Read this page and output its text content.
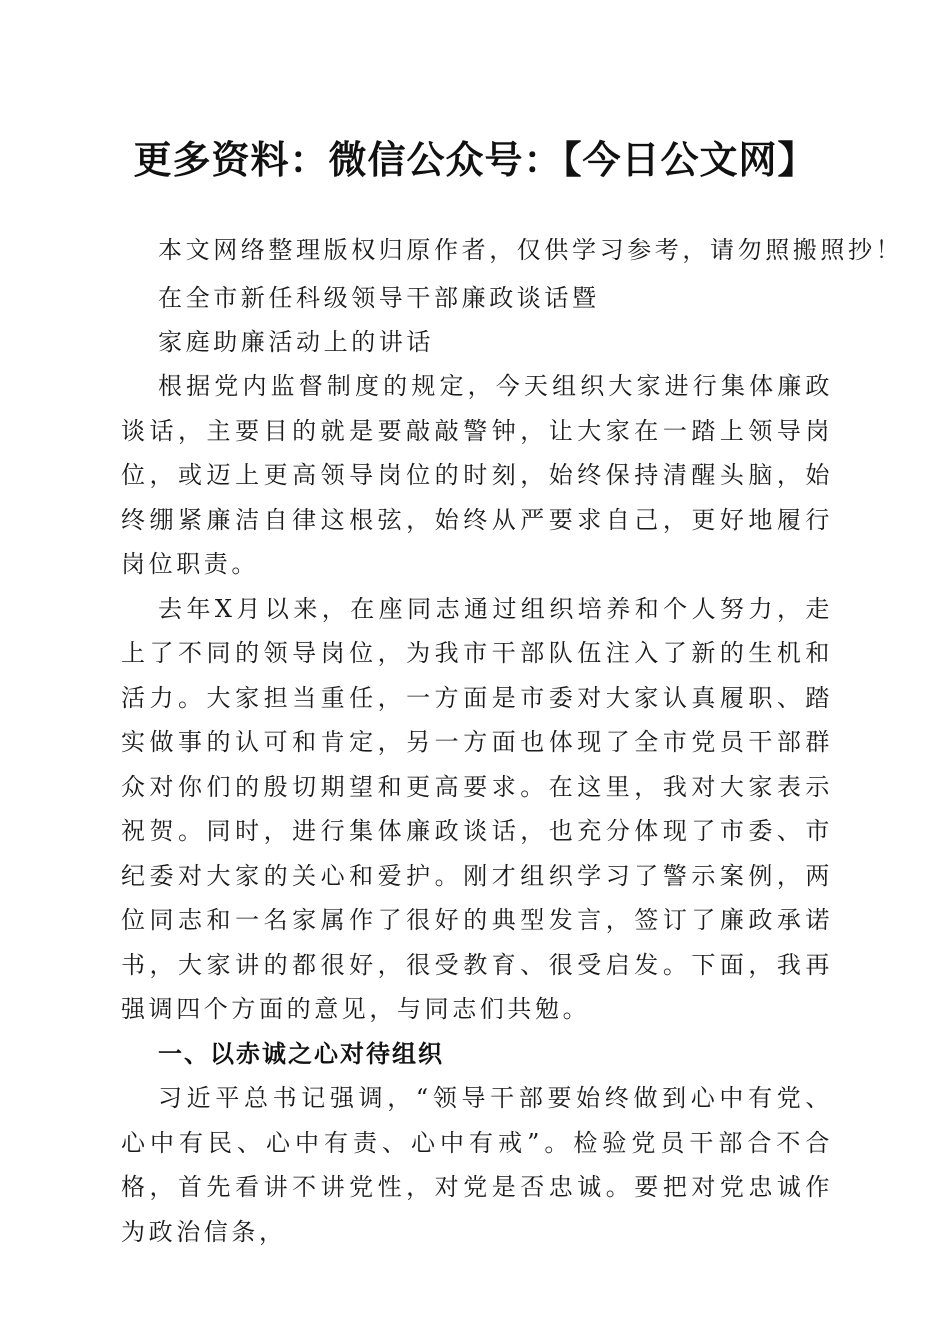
更多资料：微信公众号：【今日公文网】
本文网络整理版权归原作者，仅供学习参考，请勿照搬照抄！
在全市新任科级领导干部廉政谈话暨
家庭助廉活动上的讲话

根据党内监督制度的规定，今天组织大家进行集体廉政谈话，主要目的就是要敲敲警钟，让大家在一踏上领导岗位，或迈上更高领导岗位的时刻，始终保持清醒头脑，始终绷紧廉洁自律这根弦，始终从严要求自己，更好地履行岗位职责。

去年X月以来，在座同志通过组织培养和个人努力，走上了不同的领导岗位，为我市干部队伍注入了新的生机和活力。大家担当重任，一方面是市委对大家认真履职、踏实做事的认可和肯定，另一方面也体现了全市党员干部群众对你们的殷切期望和更高要求。在这里，我对大家表示祝贺。同时，进行集体廉政谈话，也充分体现了市委、市纪委对大家的关心和爱护。刚才组织学习了警示案例，两位同志和一名家属作了很好的典型发言，签订了廉政承诺书，大家讲的都很好，很受教育、很受启发。下面，我再强调四个方面的意见，与同志们共勉。

一、以赤诚之心对待组织

习近平总书记强调，“领导干部要始终做到心中有党、心中有民、心中有责、心中有戒”。检验党员干部合不合格，首先看讲不讲党性，对党是否忠诚。要把对党忠诚作为政治信条，
